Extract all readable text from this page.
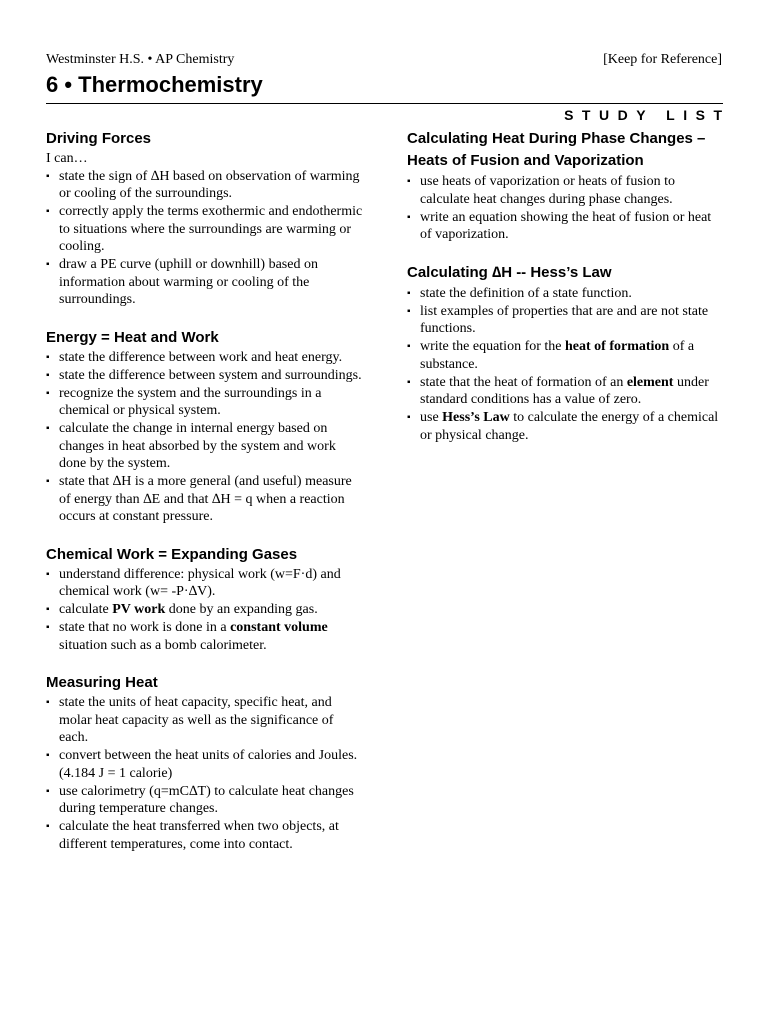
Westminster H.S. • AP Chemistry	[Keep for Reference]
6 • Thermochemistry
STUDY LIST
Driving Forces

I can…

▪ state the sign of ∆H based on observation of warming or cooling of the surroundings.
▪ correctly apply the terms exothermic and endothermic to situations where the surroundings are warming or cooling.
▪ draw a PE curve (uphill or downhill) based on information about warming or cooling of the surroundings.
Energy = Heat and Work
▪ state the difference between work and heat energy.
▪ state the difference between system and surroundings.
▪ recognize the system and the surroundings in a chemical or physical system.
▪ calculate the change in internal energy based on changes in heat absorbed by the system and work done by the system.
▪ state that ∆H is a more general (and useful) measure of energy than ∆E and that ∆H = q when a reaction occurs at constant pressure.
Chemical Work = Expanding Gases
▪ understand difference: physical work (w=F·d) and chemical work (w= -P·∆V).
▪ calculate PV work done by an expanding gas.
▪ state that no work is done in a constant volume situation such as a bomb calorimeter.
Measuring Heat
▪ state the units of heat capacity, specific heat, and molar heat capacity as well as the significance of each.
▪ convert between the heat units of calories and Joules. (4.184 J = 1 calorie)
▪ use calorimetry (q=mC∆T) to calculate heat changes during temperature changes.
▪ calculate the heat transferred when two objects, at different temperatures, come into contact.
Calculating Heat During Phase Changes – Heats of Fusion and Vaporization
▪ use heats of vaporization or heats of fusion to calculate heat changes during phase changes.
▪ write an equation showing the heat of fusion or heat of vaporization.
Calculating ∆H -- Hess’s Law
▪ state the definition of a state function.
▪ list examples of properties that are and are not state functions.
▪ write the equation for the heat of formation of a substance.
▪ state that the heat of formation of an element under standard conditions has a value of zero.
▪ use Hess’s Law to calculate the energy of a chemical or physical change.
